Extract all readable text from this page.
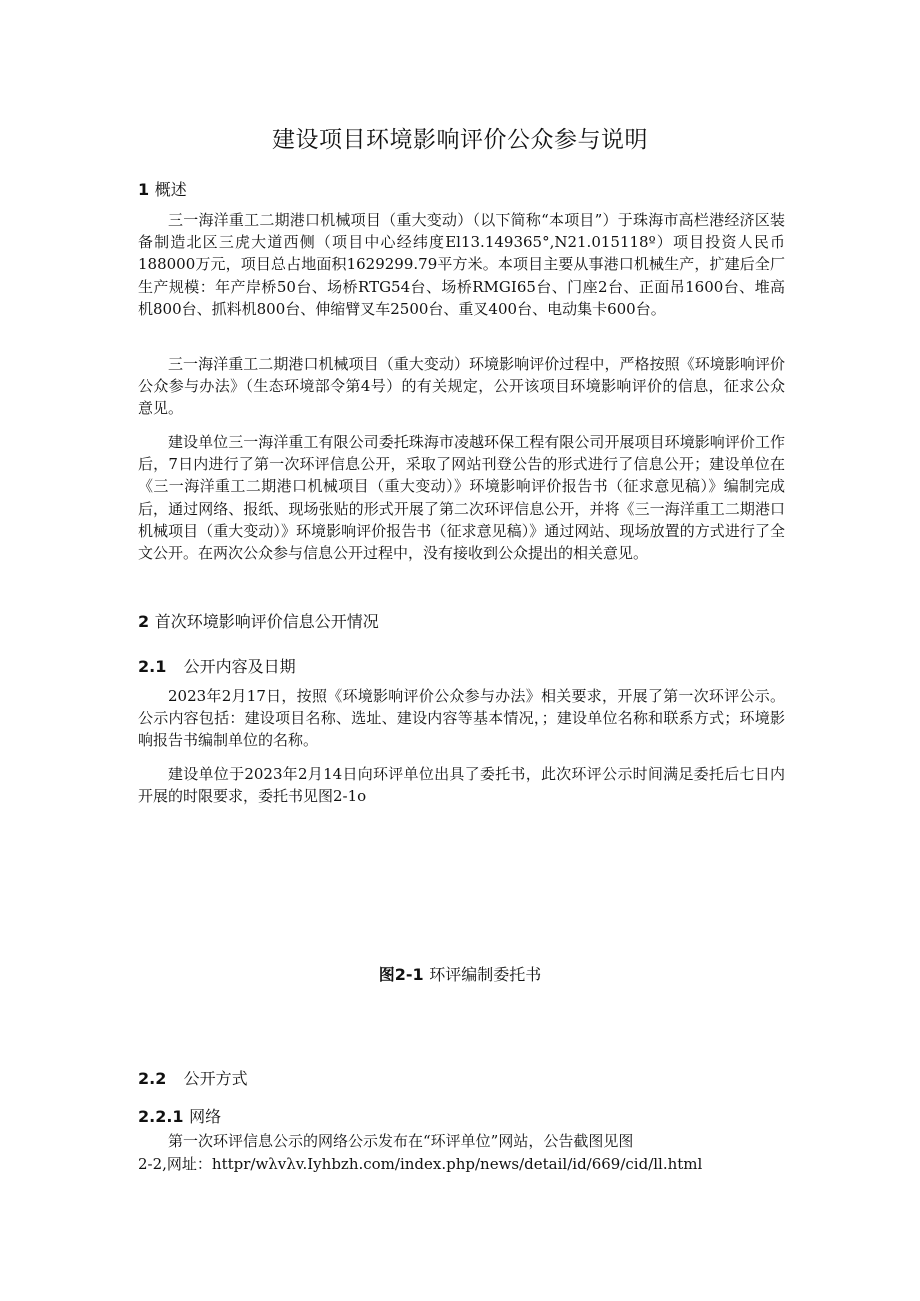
建设项目环境影响评价公众参与说明
1 概述

三一海洋重工二期港口机械项目（重大变动）（以下简称“本项目”）于珠海市高栏港经济区装备制造北区三虎大道西侧（项目中心经纬度El13.149365°,N21.015118º）项目投资人民币188000万元，项目总占地面积1629299.79平方米。本项目主要从事港口机械生产，扩建后全厂生产规模：年产岸桥50台、场桥RTG54台、场桥RMGI65台、门座2台、正面吊1600台、堆高机800台、抓料机800台、伸缩臂叉车2500台、重叉400台、电动集卡600台。

三一海洋重工二期港口机械项目（重大变动）环境影响评价过程中，严格按照《环境影响评价公众参与办法》（生态环境部令第4号）的有关规定，公开该项目环境影响评价的信息，征求公众意见。

建设单位三一海洋重工有限公司委托珠海市凌越环保工程有限公司开展项目环境影响评价工作后，7日内进行了第一次环评信息公开，采取了网站刊登公告的形式进行了信息公开；建设单位在《三一海洋重工二期港口机械项目（重大变动）》环境影响评价报告书（征求意见稿）》编制完成后，通过网络、报纸、现场张贴的形式开展了第二次环评信息公开，并将《三一海洋重工二期港口机械项目（重大变动）》环境影响评价报告书（征求意见稿）》通过网站、现场放置的方式进行了全文公开。在两次公众参与信息公开过程中，没有接收到公众提出的相关意见。

2 首次环境影响评价信息公开情况
2.1 公开内容及日期

2023年2月17日，按照《环境影响评价公众参与办法》相关要求，开展了第一次环评公示。公示内容包括：建设项目名称、选址、建设内容等基本情况，；建设单位名称和联系方式；环境影响报告书编制单位的名称。

建设单位于2023年2月14日向环评单位出具了委托书，此次环评公示时间满足委托后七日内开展的时限要求，委托书见图2-1o

图2-1 环评编制委托书
2.2 公开方式
2.2.1 网络

第一次环评信息公示的网络公示发布在“环评单位”网站，公告截图见图

2-2,网址：httpr∕wλvλv.Iyhbzh.com/index.php∕news∕detail∕id∕669∕cid∕ll.html
